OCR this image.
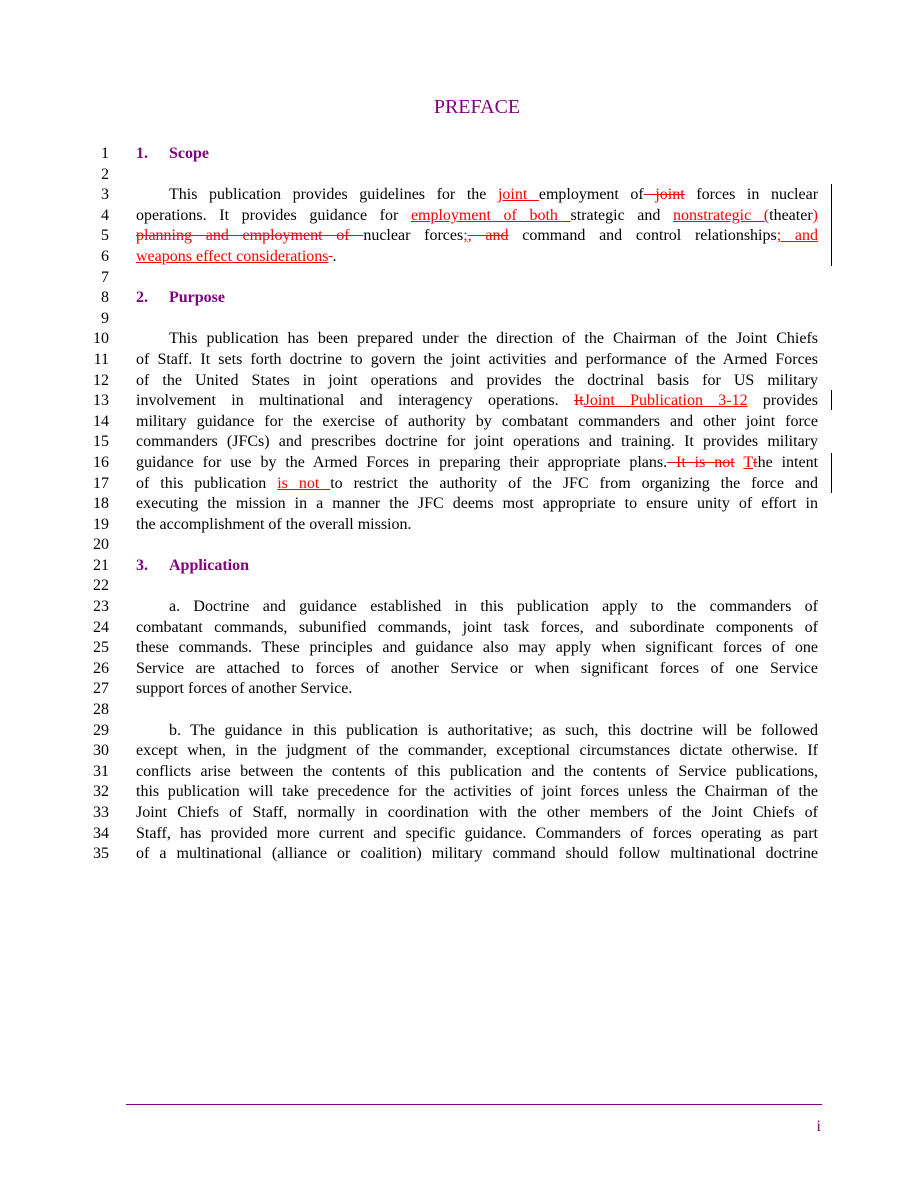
PREFACE
1 1. Scope
2
3	This publication provides guidelines for the joint employment of joint forces in nuclear
4 operations. It provides guidance for employment of both strategic and nonstrategic (theater)
5 planning and employment of nuclear forces;, and command and control relationships; and
6 weapons effect considerations .
7
8 2. Purpose
9
10	This publication has been prepared under the direction of the Chairman of the Joint Chiefs
11 of Staff. It sets forth doctrine to govern the joint activities and performance of the Armed Forces
12 of the United States in joint operations and provides the doctrinal basis for US military
13 involvement in multinational and interagency operations. ItJoint Publication 3-12 provides
14 military guidance for the exercise of authority by combatant commanders and other joint force
15 commanders (JFCs) and prescribes doctrine for joint operations and training. It provides military
16 guidance for use by the Armed Forces in preparing their appropriate plans. It is not Tthe intent
17 of this publication is not to restrict the authority of the JFC from organizing the force and
18 executing the mission in a manner the JFC deems most appropriate to ensure unity of effort in
19 the accomplishment of the overall mission.
20
21 3. Application
22
23	a. Doctrine and guidance established in this publication apply to the commanders of
24 combatant commands, subunified commands, joint task forces, and subordinate components of
25 these commands. These principles and guidance also may apply when significant forces of one
26 Service are attached to forces of another Service or when significant forces of one Service
27 support forces of another Service.
28
29	b. The guidance in this publication is authoritative; as such, this doctrine will be followed
30 except when, in the judgment of the commander, exceptional circumstances dictate otherwise. If
31 conflicts arise between the contents of this publication and the contents of Service publications,
32 this publication will take precedence for the activities of joint forces unless the Chairman of the
33 Joint Chiefs of Staff, normally in coordination with the other members of the Joint Chiefs of
34 Staff, has provided more current and specific guidance. Commanders of forces operating as part
35 of a multinational (alliance or coalition) military command should follow multinational doctrine
i
